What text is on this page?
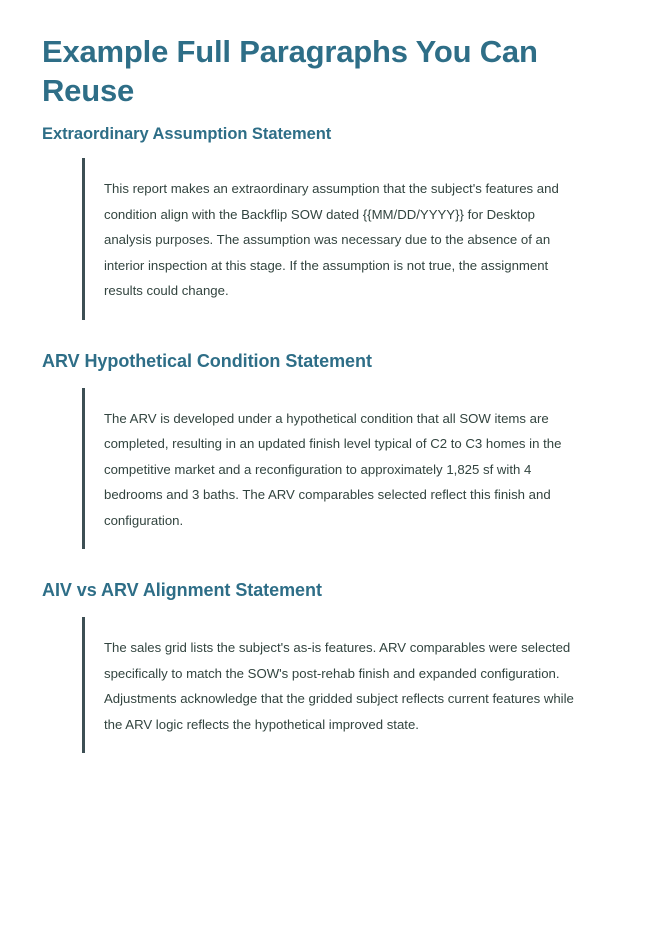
Example Full Paragraphs You Can Reuse
Extraordinary Assumption Statement

This report makes an extraordinary assumption that the subject's features and condition align with the Backflip SOW dated {{MM/DD/YYYY}} for Desktop analysis purposes. The assumption was necessary due to the absence of an interior inspection at this stage. If the assumption is not true, the assignment results could change.

ARV Hypothetical Condition Statement

The ARV is developed under a hypothetical condition that all SOW items are completed, resulting in an updated finish level typical of C2 to C3 homes in the competitive market and a reconfiguration to approximately 1,825 sf with 4 bedrooms and 3 baths. The ARV comparables selected reflect this finish and configuration.

AIV vs ARV Alignment Statement

The sales grid lists the subject's as-is features. ARV comparables were selected specifically to match the SOW's post-rehab finish and expanded configuration. Adjustments acknowledge that the gridded subject reflects current features while the ARV logic reflects the hypothetical improved state.
